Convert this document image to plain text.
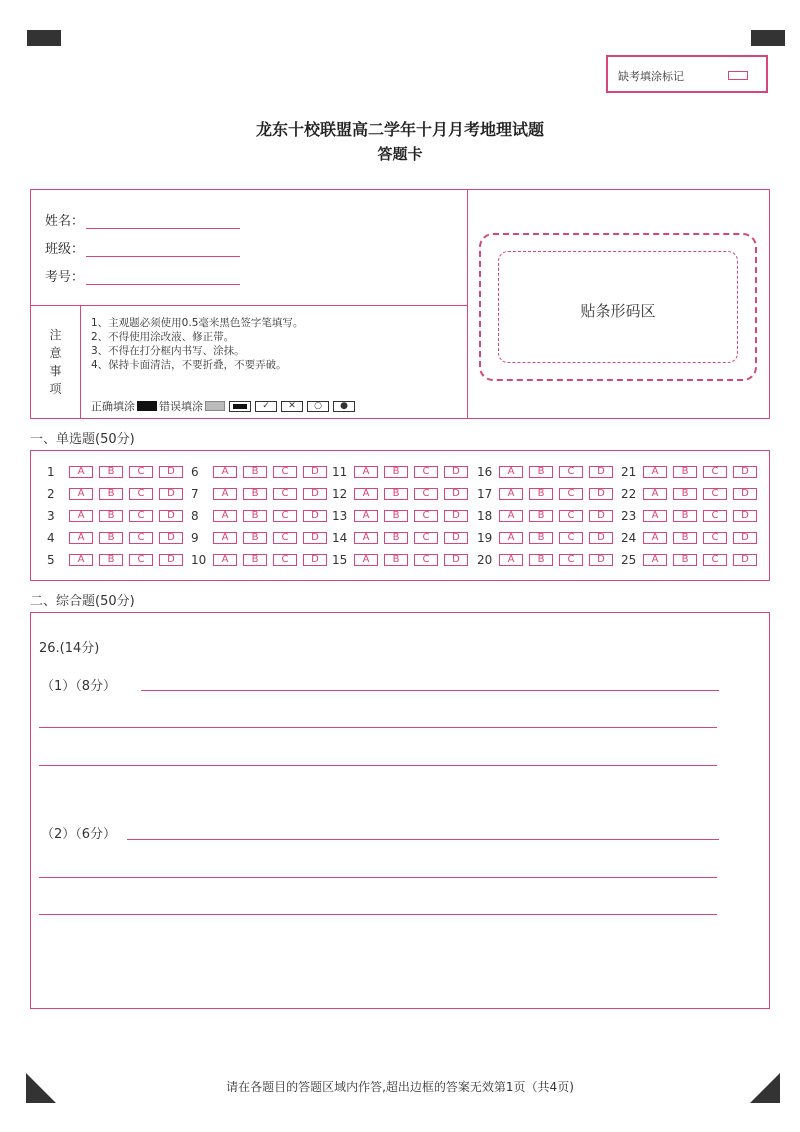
缺考填涂标记
龙东十校联盟高二学年十月月考地理试题
答题卡
姓名：
班级：
考号：
注
意
事
项
1、主观题必须使用0.5毫米黑色签字笔填写。
2、不得使用涂改液、修正带。
3、不得在打分框内书写、涂抹。
4、保持卡面清洁，不要折叠，不要弄破。
正确填涂 错误填涂	✓	✕	○	●
贴条形码区
一、单选题(50分)
1	A	B	C	D
2	A	B	C	D
3	A	B	C	D
4	A	B	C	D
5	A	B	C	D
6	A	B	C	D
7	A	B	C	D
8	A	B	C	D
9	A	B	C	D
10	A	B	C	D
11	A	B	C	D
12	A	B	C	D
13	A	B	C	D
14	A	B	C	D
15	A	B	C	D
16	A	B	C	D
17	A	B	C	D
18	A	B	C	D
19	A	B	C	D
20	A	B	C	D
21	A	B	C	D
22	A	B	C	D
23	A	B	C	D
24	A	B	C	D
25	A	B	C	D
二、综合题(50分)
26.(14分)
（1）（8分）
（2）（6分）
请在各题目的答题区域内作答,超出边框的答案无效第1页（共4页)
